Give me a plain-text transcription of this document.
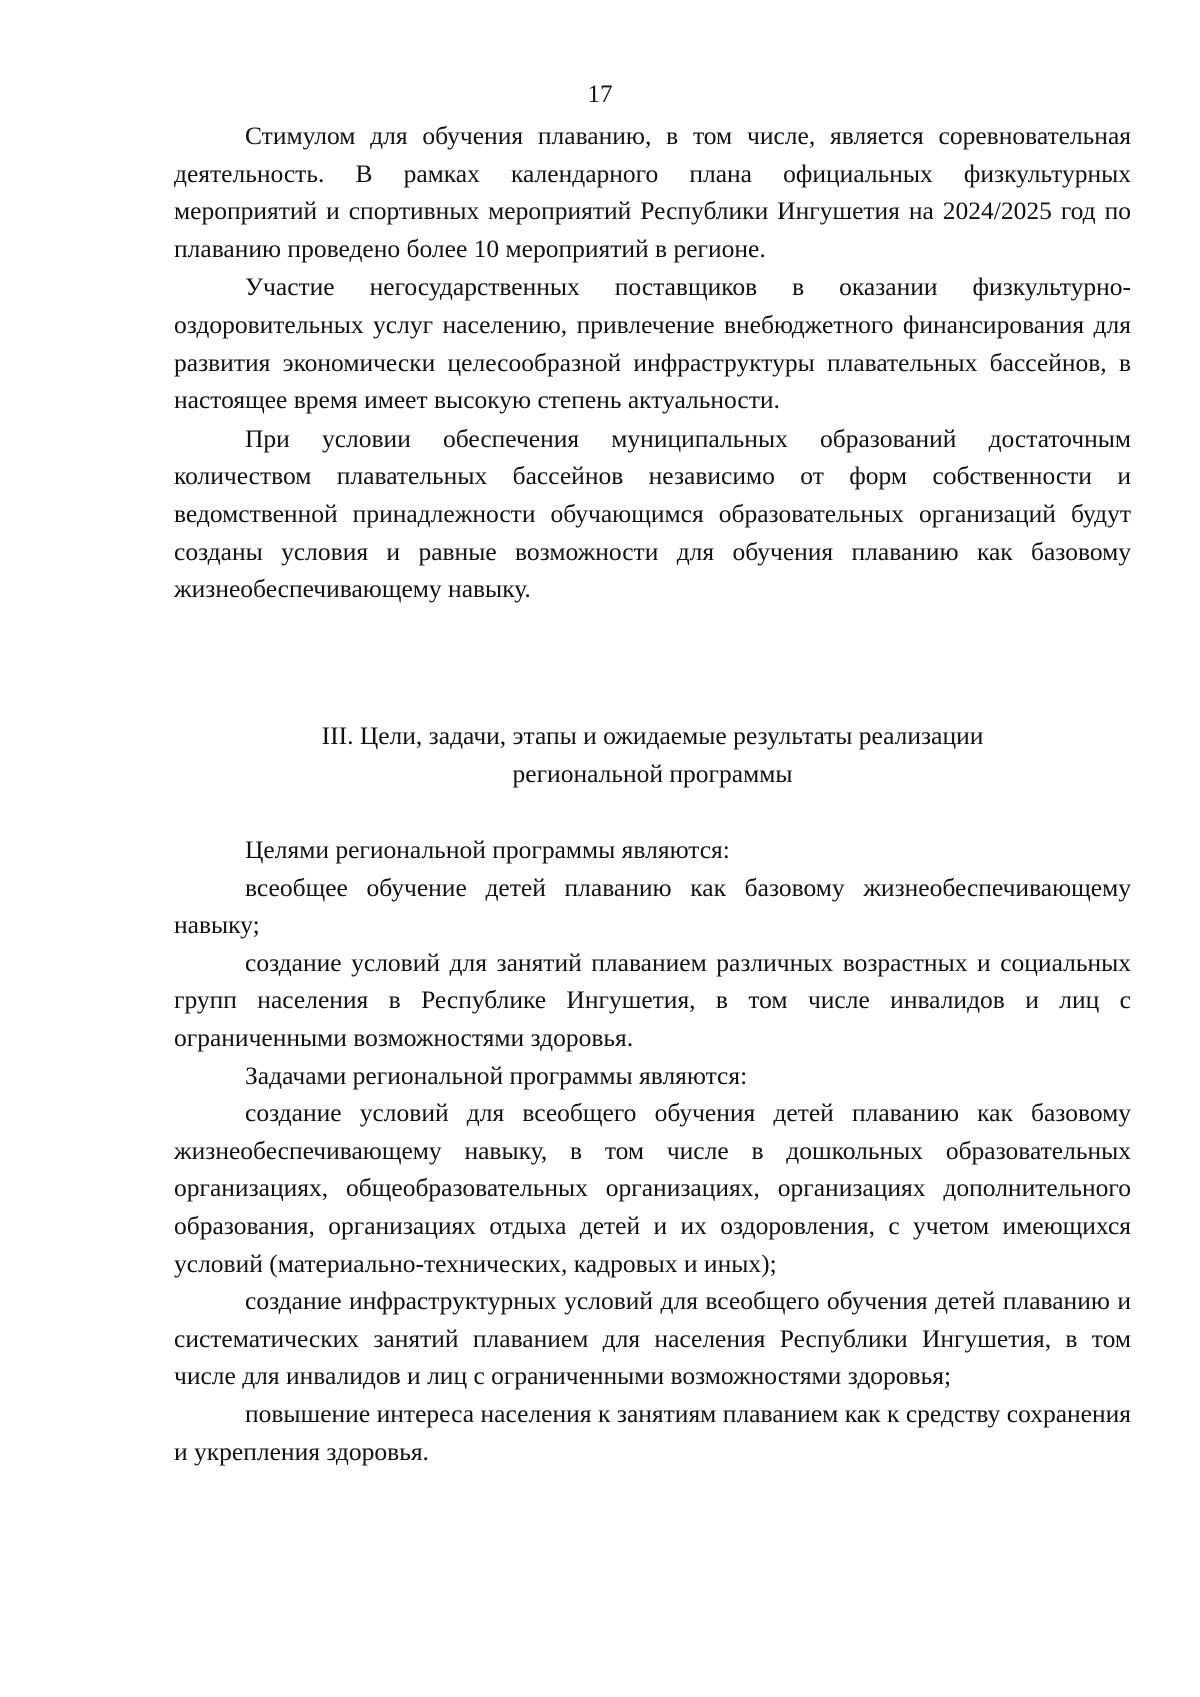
17

Стимулом для обучения плаванию, в том числе, является соревновательная деятельность. В рамках календарного плана официальных физкультурных мероприятий и спортивных мероприятий Республики Ингушетия на 2024/2025 год по плаванию проведено более 10 мероприятий в регионе.

Участие негосударственных поставщиков в оказании физкультурно-оздоровительных услуг населению, привлечение внебюджетного финансирования для развития экономически целесообразной инфраструктуры плавательных бассейнов, в настоящее время имеет высокую степень актуальности.

При условии обеспечения муниципальных образований достаточным количеством плавательных бассейнов независимо от форм собственности и ведомственной принадлежности обучающимся образовательных организаций будут созданы условия и равные возможности для обучения плаванию как базовому жизнеобеспечивающему навыку.

III. Цели, задачи, этапы и ожидаемые результаты реализации

региональной программы

Целями региональной программы являются:

всеобщее обучение детей плаванию как базовому жизнеобеспечивающему навыку;

создание условий для занятий плаванием различных возрастных и социальных групп населения в Республике Ингушетия, в том числе инвалидов и лиц с ограниченными возможностями здоровья.

Задачами региональной программы являются:

создание условий для всеобщего обучения детей плаванию как базовому жизнеобеспечивающему навыку, в том числе в дошкольных образовательных организациях, общеобразовательных организациях, организациях дополнительного образования, организациях отдыха детей и их оздоровления, с учетом имеющихся условий (материально-технических, кадровых и иных);

создание инфраструктурных условий для всеобщего обучения детей плаванию и систематических занятий плаванием для населения Республики Ингушетия, в том числе для инвалидов и лиц с ограниченными возможностями здоровья;

повышение интереса населения к занятиям плаванием как к средству сохранения и укрепления здоровья.
